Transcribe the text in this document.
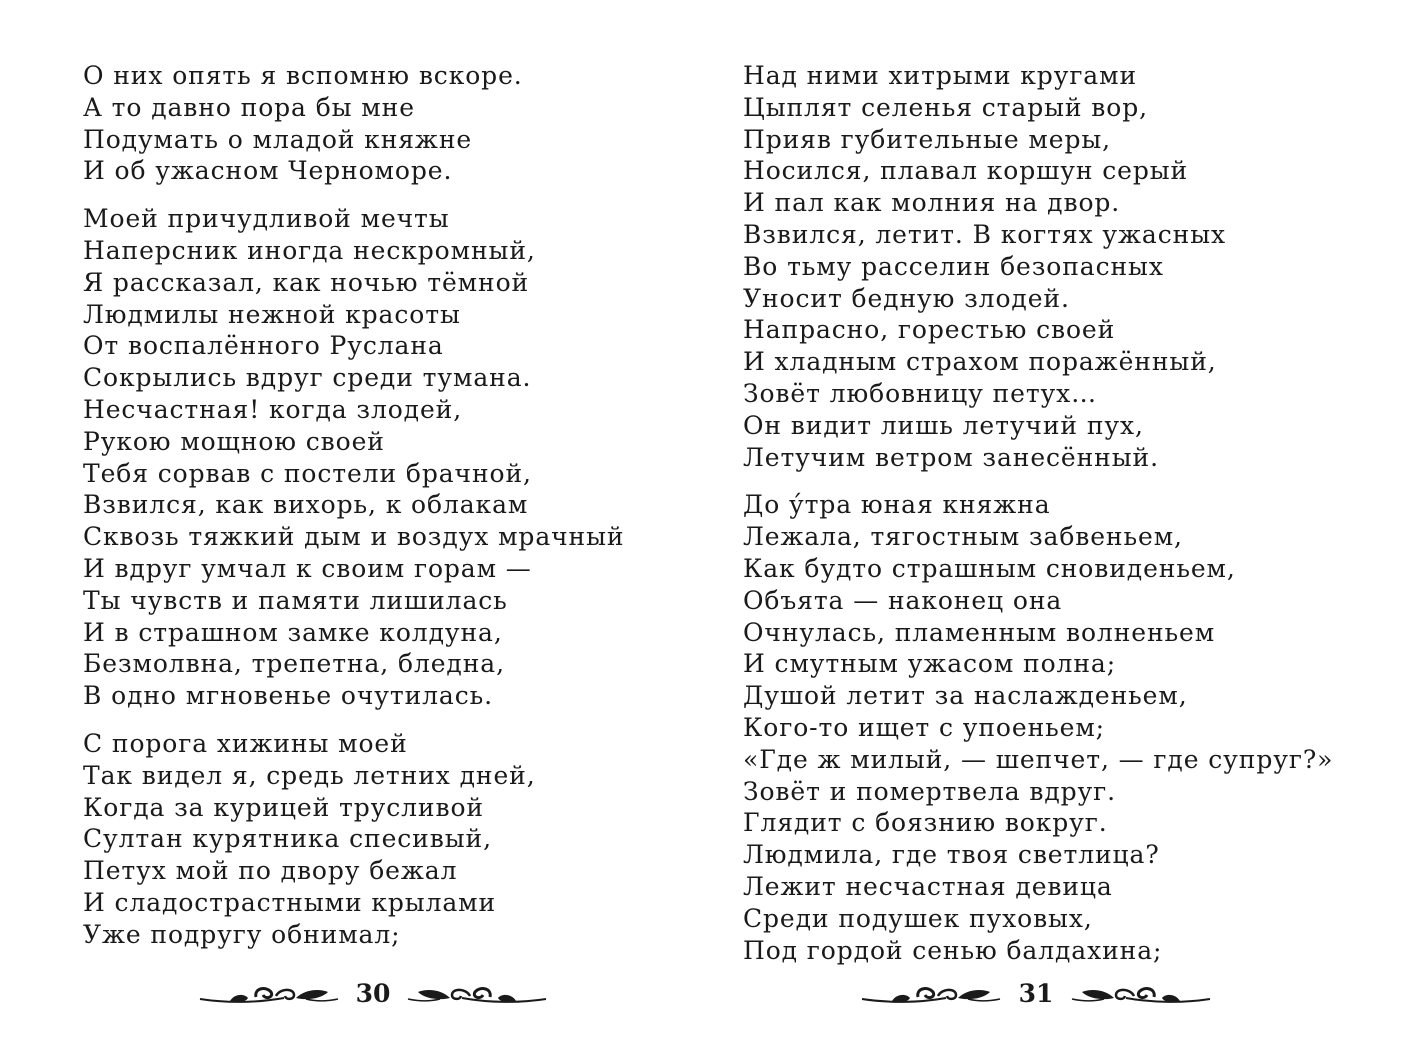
О них опять я вспомню вскоре.
А то давно пора бы мне
Подумать о младой княжне
И об ужасном Черноморе.
Моей причудливой мечты
Наперсник иногда нескромный,
Я рассказал, как ночью тёмной
Людмилы нежной красоты
От воспалённого Руслана
Сокрылись вдруг среди тумана.
Несчастная! когда злодей,
Рукою мощною своей
Тебя сорвав с постели брачной,
Взвился, как вихорь, к облакам
Сквозь тяжкий дым и воздух мрачный
И вдруг умчал к своим горам —
Ты чувств и памяти лишилась
И в страшном замке колдуна,
Безмолвна, трепетна, бледна,
В одно мгновенье очутилась.
С порога хижины моей
Так видел я, средь летних дней,
Когда за курицей трусливой
Султан курятника спесивый,
Петух мой по двору бежал
И сладострастными крылами
Уже подругу обнимал;
30
Над ними хитрыми кругами
Цыплят селенья старый вор,
Прияв губительные меры,
Носился, плавал коршун серый
И пал как молния на двор.
Взвился, летит. В когтях ужасных
Во тьму расселин безопасных
Уносит бедную злодей.
Напрасно, горестью своей
И хладным страхом поражённый,
Зовёт любовницу петух…
Он видит лишь летучий пух,
Летучим ветром занесённый.
До у́тра юная княжна
Лежала, тягостным забвеньем,
Как будто страшным сновиденьем,
Объята — наконец она
Очнулась, пламенным волненьем
И смутным ужасом полна;
Душой летит за наслажденьем,
Кого-то ищет с упоеньем;
«Где ж милый, — шепчет, — где супруг?»
Зовёт и помертвела вдруг.
Глядит с боязнию вокруг.
Людмила, где твоя светлица?
Лежит несчастная девица
Среди подушек пуховых,
Под гордой сенью балдахина;
31
